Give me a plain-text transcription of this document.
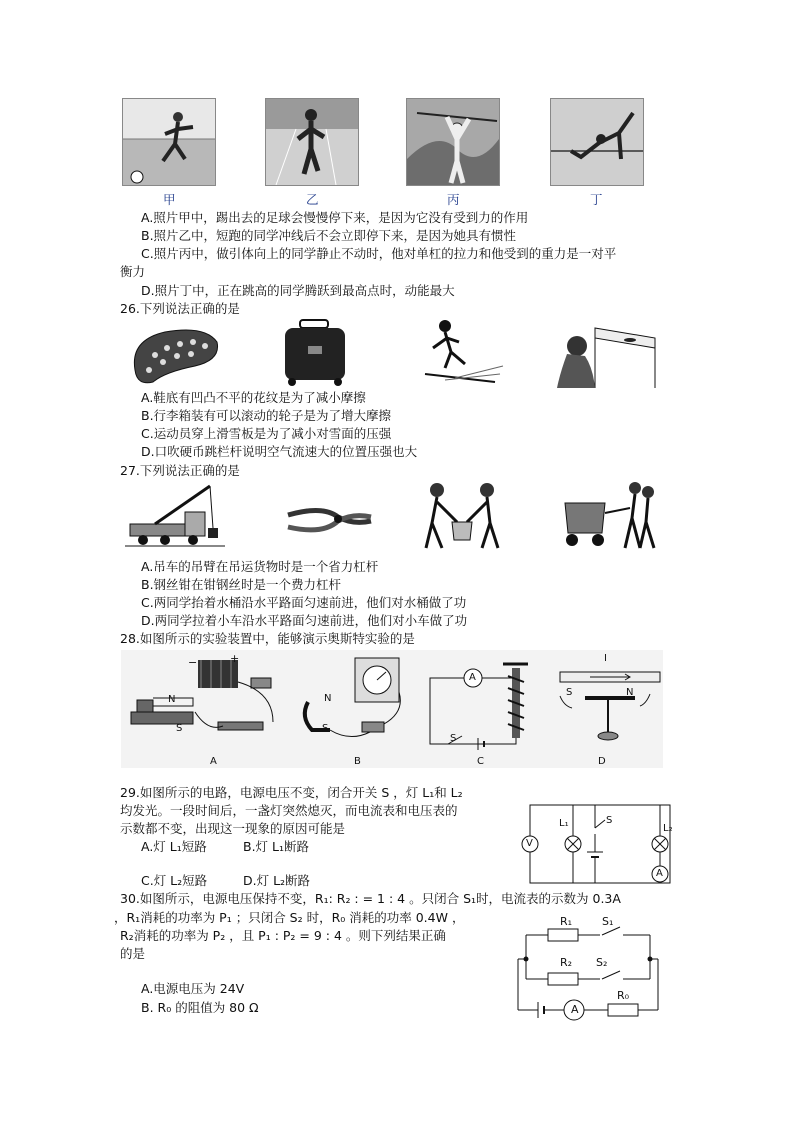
甲	乙	丙	丁
A.照片甲中，踢出去的足球会慢慢停下来，是因为它没有受到力的作用
B.照片乙中，短跑的同学冲线后不会立即停下来，是因为她具有惯性
C.照片丙中，做引体向上的同学静止不动时，他对单杠的拉力和他受到的重力是一对平
衡力
D.照片丁中，正在跳高的同学腾跃到最高点时，动能最大
26.下列说法正确的是
A.鞋底有凹凸不平的花纹是为了减小摩擦
B.行李箱装有可以滚动的轮子是为了增大摩擦
C.运动员穿上滑雪板是为了减小对雪面的压强
D.口吹硬币跳栏杆说明空气流速大的位置压强也大
27.下列说法正确的是
A.吊车的吊臂在吊运货物时是一个省力杠杆
B.钢丝钳在钳钢丝时是一个费力杠杆
C.两同学抬着水桶沿水平路面匀速前进，他们对水桶做了功
D.两同学拉着小车沿水平路面匀速前进，他们对小车做了功
28.如图所示的实验装置中，能够演示奥斯特实验的是
−	+
N
S
N
S
A
S
I
S	N
A	B	C	D
29.如图所示的电路，电源电压不变，闭合开关 S ，灯 L₁和 L₂
均发光。一段时间后，一盏灯突然熄灭，而电流表和电压表的
示数都不变，出现这一现象的原因可能是
A.灯 L₁短路	B.灯 L₁断路
C.灯 L₂短路	D.灯 L₂断路
V
L₁	S
L₂
A
30.如图所示，电源电压保持不变，R₁: R₂ : = 1 : 4 。只闭合 S₁时，电流表的示数为 0.3A
，R₁消耗的功率为 P₁ ；只闭合 S₂ 时，R₀ 消耗的功率 0.4W ，
R₂消耗的功率为 P₂ ，且 P₁ : P₂ = 9 : 4 。则下列结果正确
的是
A.电源电压为 24V
B. R₀ 的阻值为 80 Ω
R₁	S₁
R₂ S₂
A
R₀
